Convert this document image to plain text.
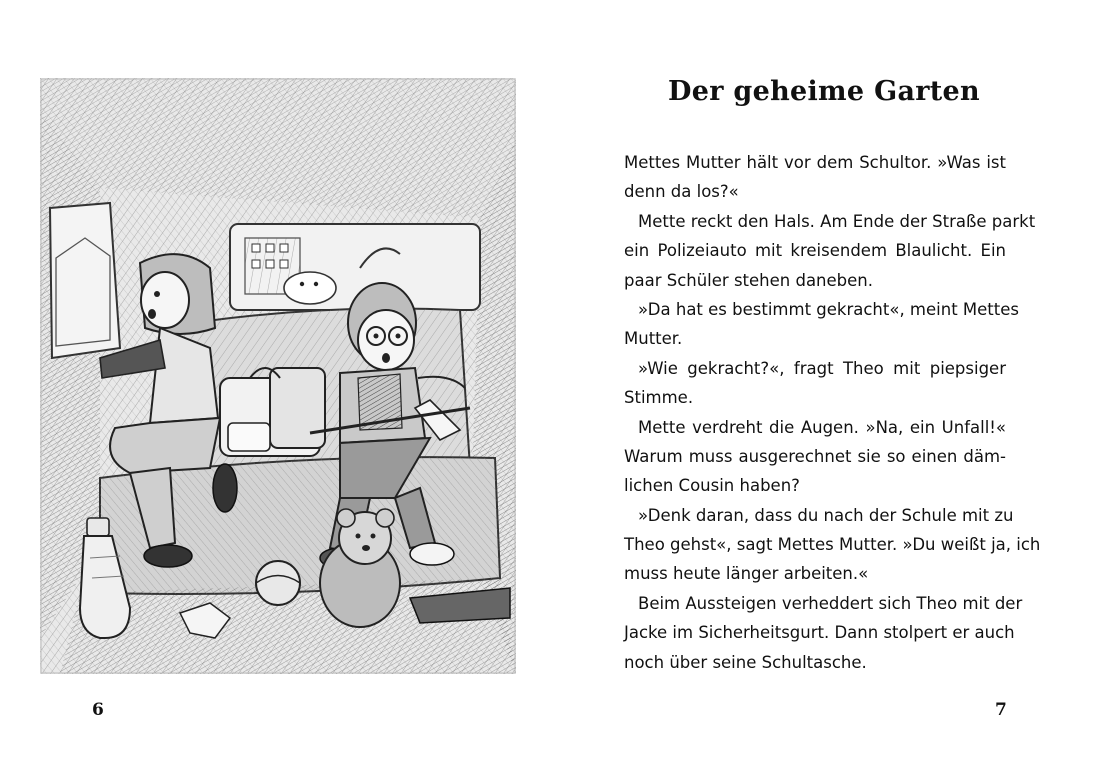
6
Der geheime Garten
Mettes Mutter hält vor dem Schultor. »Was ist
denn da los?«
Mette reckt den Hals. Am Ende der Straße parkt
ein Polizeiauto mit kreisendem Blaulicht. Ein
paar Schüler stehen daneben.
»Da hat es bestimmt gekracht«, meint Mettes
Mutter.
»Wie gekracht?«, fragt Theo mit piepsiger
Stimme.
Mette verdreht die Augen. »Na, ein Unfall!«
Warum muss ausgerechnet sie so einen däm-
lichen Cousin haben?
»Denk daran, dass du nach der Schule mit zu
Theo gehst«, sagt Mettes Mutter. »Du weißt ja, ich
muss heute länger arbeiten.«
Beim Aussteigen verheddert sich Theo mit der
Jacke im Sicherheitsgurt. Dann stolpert er auch
noch über seine Schultasche.
7
